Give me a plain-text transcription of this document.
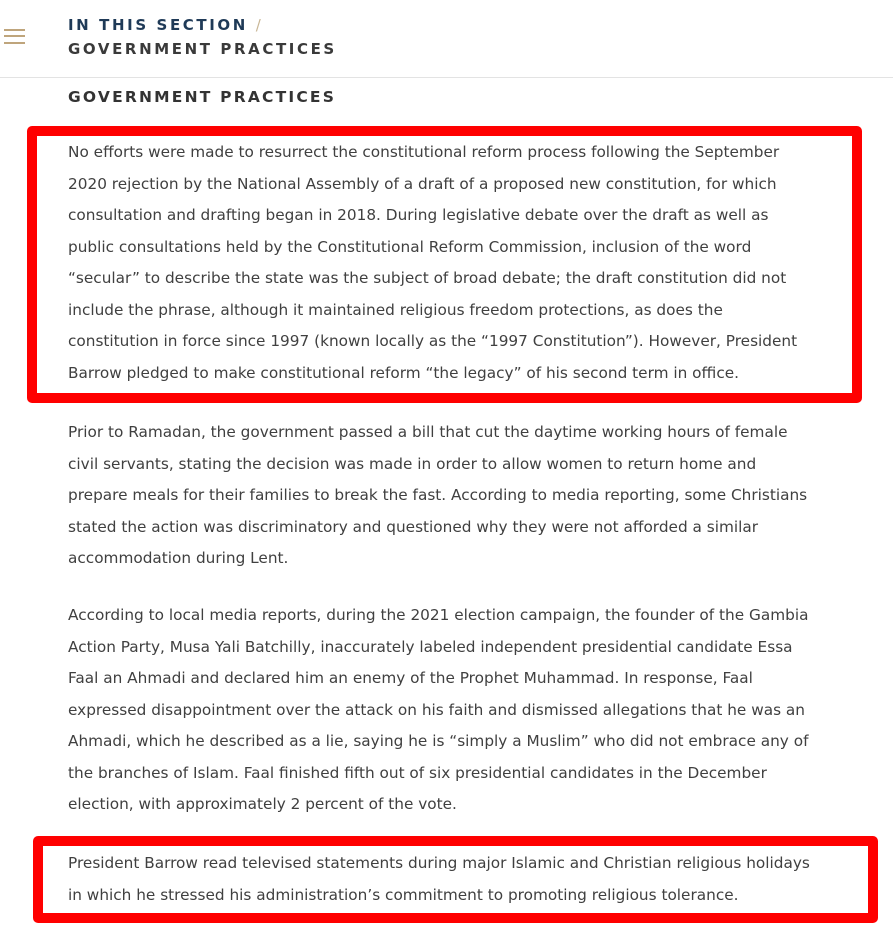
IN THIS SECTION /
GOVERNMENT PRACTICES
GOVERNMENT PRACTICES

No efforts were made to resurrect the constitutional reform process following the September
2020 rejection by the National Assembly of a draft of a proposed new constitution, for which
consultation and drafting began in 2018. During legislative debate over the draft as well as
public consultations held by the Constitutional Reform Commission, inclusion of the word
“secular” to describe the state was the subject of broad debate; the draft constitution did not
include the phrase, although it maintained religious freedom protections, as does the
constitution in force since 1997 (known locally as the “1997 Constitution”). However, President
Barrow pledged to make constitutional reform “the legacy” of his second term in office.

Prior to Ramadan, the government passed a bill that cut the daytime working hours of female
civil servants, stating the decision was made in order to allow women to return home and
prepare meals for their families to break the fast. According to media reporting, some Christians
stated the action was discriminatory and questioned why they were not afforded a similar
accommodation during Lent.

According to local media reports, during the 2021 election campaign, the founder of the Gambia
Action Party, Musa Yali Batchilly, inaccurately labeled independent presidential candidate Essa
Faal an Ahmadi and declared him an enemy of the Prophet Muhammad. In response, Faal
expressed disappointment over the attack on his faith and dismissed allegations that he was an
Ahmadi, which he described as a lie, saying he is “simply a Muslim” who did not embrace any of
the branches of Islam. Faal finished fifth out of six presidential candidates in the December
election, with approximately 2 percent of the vote.

President Barrow read televised statements during major Islamic and Christian religious holidays
in which he stressed his administration’s commitment to promoting religious tolerance.
